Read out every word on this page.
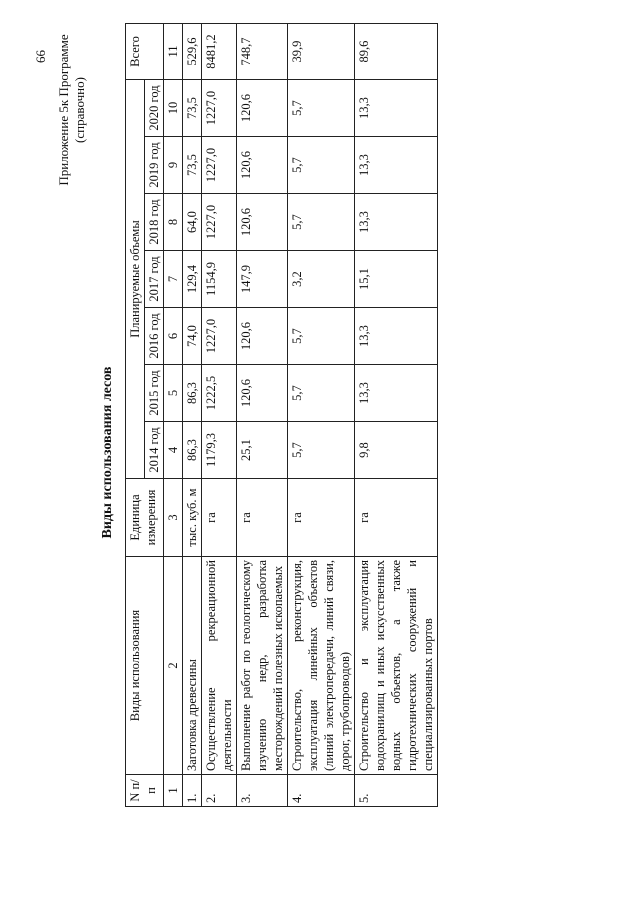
66 Приложение 5к Программе (справочно)
Виды использования лесов
N п/п	Виды использования	Единица измерения	Планируемые объемы							Всего
			2014 год	2015 год	2016 год	2017 год	2018 год	2019 год	2020 год	
1	2	3	4	5	6	7	8	9	10	11
1.	Заготовка древесины	тыс. куб. м	86,3	86,3	74,0	129,4	64,0	73,5	73,5	529,6
2.	Осуществление рекреационной деятельности	га	1179,3	1222,5	1227,0	1154,9	1227,0	1227,0	1227,0	8481,2
3.	Выполнение работ по геологическому изучению недр, разработка месторождений полезных ископаемых	га	25,1	120,6	120,6	147,9	120,6	120,6	120,6	748,7
4.	Строительство, реконструкция, эксплуатация линейных объектов (линий электропередачи, линий связи, дорог, трубопроводов)	га	5,7	5,7	5,7	3,2	5,7	5,7	5,7	39,9
5.	Строительство и эксплуатация водохранилищ и иных искусственных водных объектов, а также гидротехнических сооружений и специализированных портов	га	9,8	13,3	13,3	15,1	13,3	13,3	13,3	89,6
